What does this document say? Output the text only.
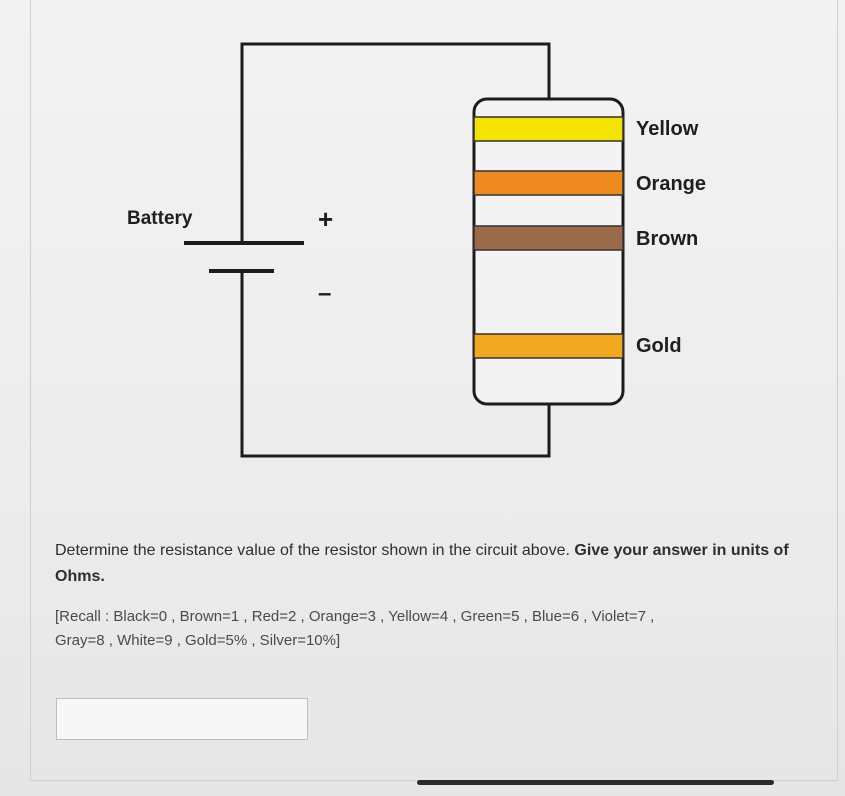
Battery	+
–
Yellow
Orange
Brown
Gold

Determine the resistance value of the resistor shown in the circuit above. Give your answer in units of Ohms.

[Recall : Black=0 , Brown=1 , Red=2 , Orange=3 , Yellow=4 , Green=5 , Blue=6 , Violet=7 ,
Gray=8 , White=9 , Gold=5% , Silver=10%]
